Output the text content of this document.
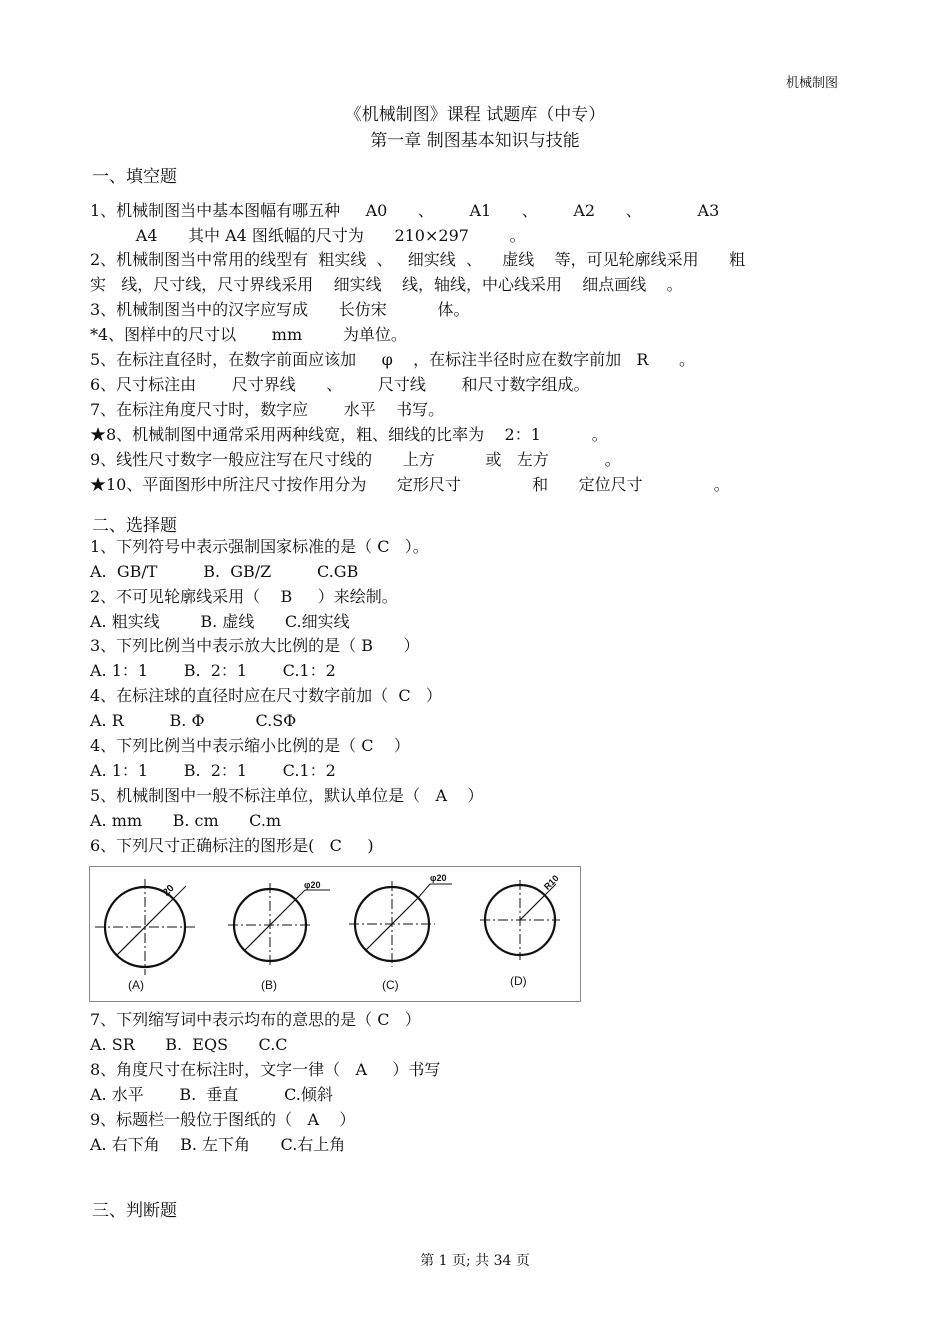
机械制图
《机械制图》课程 试题库（中专）
第一章 制图基本知识与技能
一、填空题
1、机械制图当中基本图幅有哪五种     A0      、       A1      、       A2      、           A3
A4      其中 A4 图纸幅的尺寸为      210×297        。
2、机械制图当中常用的线型有  粗实线  、   细实线  、    虚线    等，可见轮廓线采用      粗
实   线，尺寸线，尺寸界线采用    细实线    线，轴线，中心线采用    细点画线    。
3、机械制图当中的汉字应写成      长仿宋          体。
*4、图样中的尺寸以       mm        为单位。
5、在标注直径时，在数字前面应该加     φ    ，在标注半径时应在数字前加   R      。
6、尺寸标注由       尺寸界线      、       尺寸线       和尺寸数字组成。
7、在标注角度尺寸时，数字应       水平    书写。
★8、机械制图中通常采用两种线宽，粗、细线的比率为    2：1          。
9、线性尺寸数字一般应注写在尺寸线的      上方          或   左方           。
★10、平面图形中所注尺寸按作用分为      定形尺寸              和      定位尺寸              。
二、选择题
1、下列符号中表示强制国家标准的是（ C   ）。
A.  GB/T         B.  GB/Z         C.GB
2、不可见轮廓线采用（    B     ）来绘制。
A. 粗实线        B. 虚线      C.细实线
3、下列比例当中表示放大比例的是（ B      ）
A. 1：1       B.  2：1       C.1：2
4、在标注球的直径时应在尺寸数字前加（  C   ）
A. R         B. Φ          C.SΦ
4、下列比例当中表示缩小比例的是（ C    ）
A. 1：1       B.  2：1       C.1：2
5、机械制图中一般不标注单位，默认单位是（   A    ）
A. mm      B. cm      C.m
6、下列尺寸正确标注的图形是(   C     )
20
(A)
φ20
(B)
φ20
(C)
R10
(D)
7、下列缩写词中表示均布的意思的是（ C   ）
A. SR      B.  EQS      C.C
8、角度尺寸在标注时，文字一律（   A     ）书写
A. 水平       B.  垂直         C.倾斜
9、标题栏一般位于图纸的（   A    ）
A. 右下角    B. 左下角      C.右上角
三、判断题
第 1 页; 共 34 页
